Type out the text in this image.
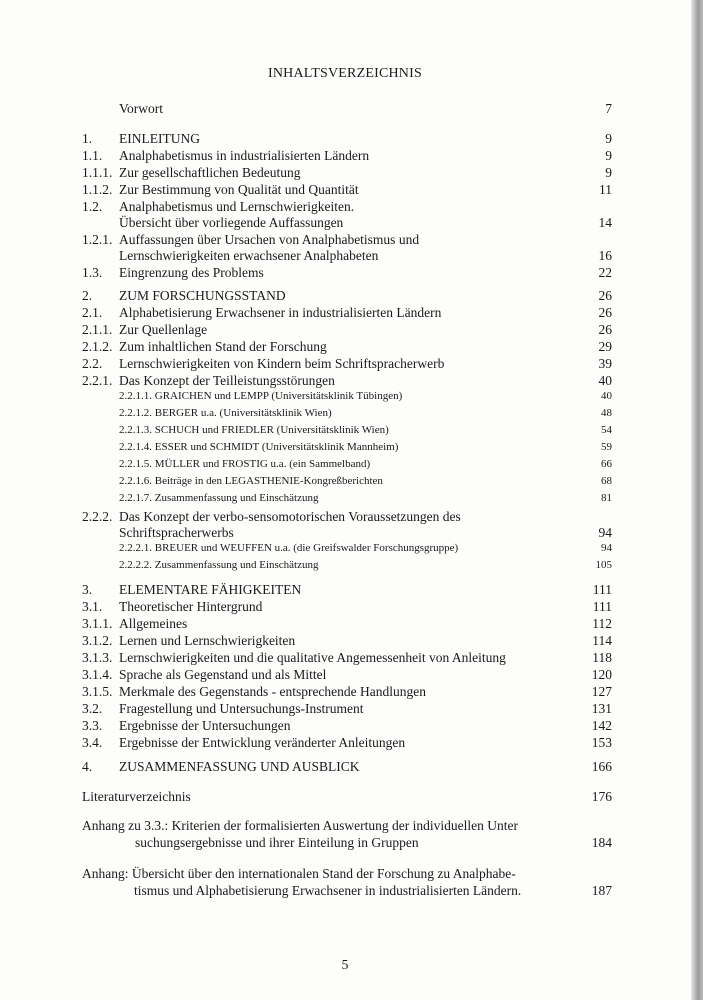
INHALTSVERZEICHNIS
Vorwort	7
1. EINLEITUNG	9
1.1. Analphabetismus in industrialisierten Ländern	9
1.1.1. Zur gesellschaftlichen Bedeutung	9
1.1.2. Zur Bestimmung von Qualität und Quantität	11
1.2. Analphabetismus und Lernschwierigkeiten.
Übersicht über vorliegende Auffassungen	14
1.2.1. Auffassungen über Ursachen von Analphabetismus und
Lernschwierigkeiten erwachsener Analphabeten	16
1.3. Eingrenzung des Problems	22
2. ZUM FORSCHUNGSSTAND	26
2.1. Alphabetisierung Erwachsener in industrialisierten Ländern	26
2.1.1. Zur Quellenlage	26
2.1.2. Zum inhaltlichen Stand der Forschung	29
2.2. Lernschwierigkeiten von Kindern beim Schriftspracherwerb	39
2.2.1. Das Konzept der Teilleistungsstörungen	40
2.2.1.1. GRAICHEN und LEMPP (Universitätsklinik Tübingen)	40
2.2.1.2. BERGER u.a. (Universitätsklinik Wien)	48
2.2.1.3. SCHUCH und FRIEDLER (Universitätsklinik Wien)	54
2.2.1.4. ESSER und SCHMIDT (Universitätsklinik Mannheim)	59
2.2.1.5. MÜLLER und FROSTIG u.a. (ein Sammelband)	66
2.2.1.6. Beiträge in den LEGASTHENIE-Kongreßberichten	68
2.2.1.7. Zusammenfassung und Einschätzung	81
2.2.2. Das Konzept der verbo-sensomotorischen Voraussetzungen des
Schriftspracherwerbs	94
2.2.2.1. BREUER und WEUFFEN u.a. (die Greifswalder Forschungsgruppe)	94
2.2.2.2. Zusammenfassung und Einschätzung	105
3. ELEMENTARE FÄHIGKEITEN	111
3.1. Theoretischer Hintergrund	111
3.1.1. Allgemeines	112
3.1.2. Lernen und Lernschwierigkeiten	114
3.1.3. Lernschwierigkeiten und die qualitative Angemessenheit von Anleitung	118
3.1.4. Sprache als Gegenstand und als Mittel	120
3.1.5. Merkmale des Gegenstands - entsprechende Handlungen	127
3.2. Fragestellung und Untersuchungs-Instrument	131
3.3. Ergebnisse der Untersuchungen	142
3.4. Ergebnisse der Entwicklung veränderter Anleitungen	153
4. ZUSAMMENFASSUNG UND AUSBLICK	166
Literaturverzeichnis	176
Anhang zu 3.3.: Kriterien der formalisierten Auswertung der individuellen Unter
suchungsergebnisse und ihrer Einteilung in Gruppen	184
Anhang: Übersicht über den internationalen Stand der Forschung zu Analphabe-
tismus und Alphabetisierung Erwachsener in industrialisierten Ländern.	187
5
